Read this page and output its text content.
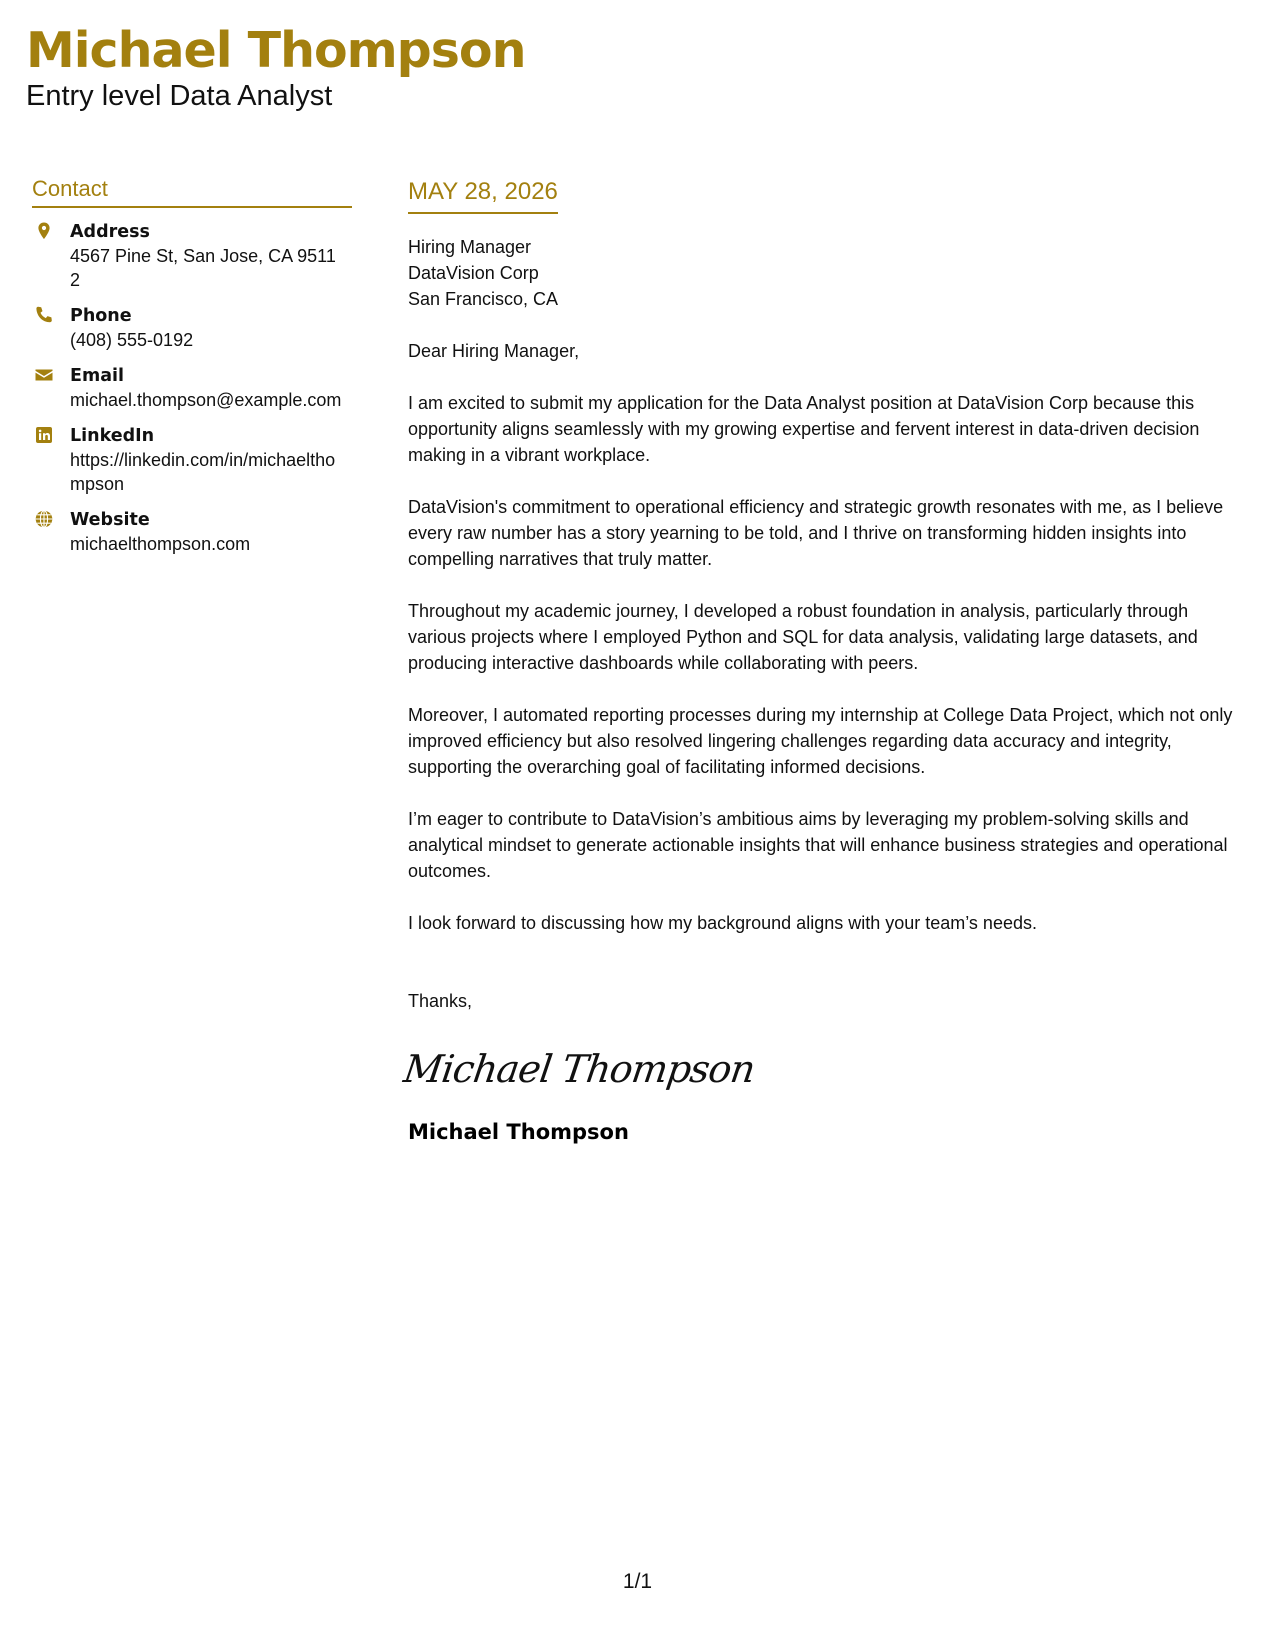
Michael Thompson
Entry level Data Analyst
Contact
Address
4567 Pine St, San Jose, CA 95112
Phone
(408) 555-0192
Email
michael.thompson@example.com
LinkedIn
https://linkedin.com/in/michaelthompson
Website
michaelthompson.com
MAY 28, 2026
Hiring Manager
DataVision Corp
San Francisco, CA
Dear Hiring Manager,

I am excited to submit my application for the Data Analyst position at DataVision Corp because this opportunity aligns seamlessly with my growing expertise and fervent interest in data-driven decision making in a vibrant workplace.

DataVision's commitment to operational efficiency and strategic growth resonates with me, as I believe every raw number has a story yearning to be told, and I thrive on transforming hidden insights into compelling narratives that truly matter.

Throughout my academic journey, I developed a robust foundation in analysis, particularly through various projects where I employed Python and SQL for data analysis, validating large datasets, and producing interactive dashboards while collaborating with peers.

Moreover, I automated reporting processes during my internship at College Data Project, which not only improved efficiency but also resolved lingering challenges regarding data accuracy and integrity, supporting the overarching goal of facilitating informed decisions.

I’m eager to contribute to DataVision’s ambitious aims by leveraging my problem-solving skills and analytical mindset to generate actionable insights that will enhance business strategies and operational outcomes.

I look forward to discussing how my background aligns with your team’s needs.

Thanks,
Michael Thompson
Michael Thompson
1/1
